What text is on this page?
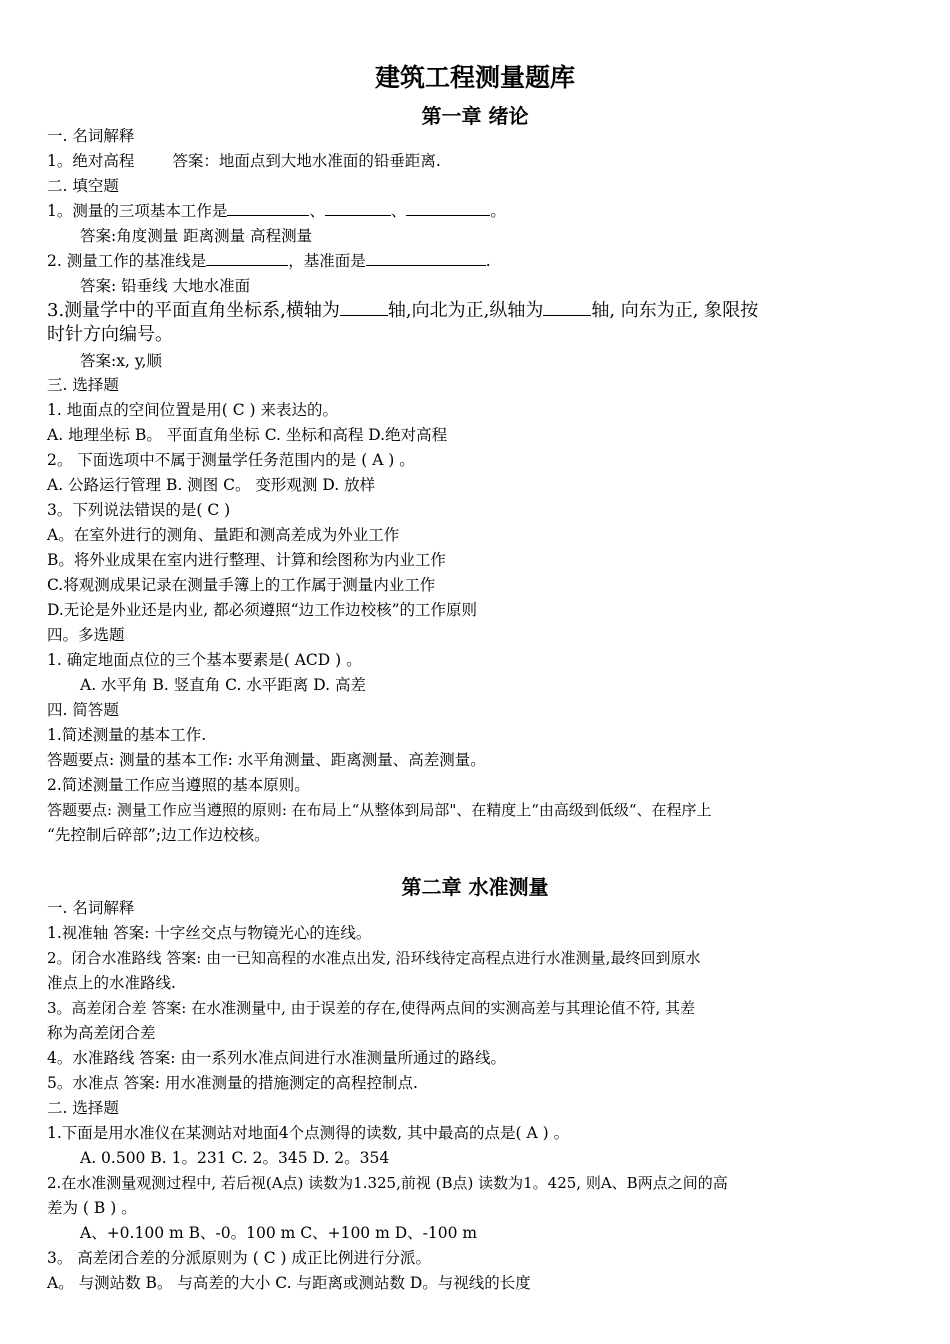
建筑工程测量题库
第一章 绪论
一. 名词解释
1。绝对高程 答案：地面点到大地水准面的铅垂距离.
二. 填空题
1。测量的三项基本工作是	、	、	。
答案:角度测量 距离测量 高程测量
2. 测量工作的基准线是	，基准面是	.
答案: 铅垂线 大地水准面
3.测量学中的平面直角坐标系,横轴为	轴,向北为正,纵轴为	轴, 向东为正, 象限按
时针方向编号。
答案:x, y,顺
三. 选择题
1. 地面点的空间位置是用( C ) 来表达的。
A. 地理坐标 B。 平面直角坐标 C. 坐标和高程 D.绝对高程
2。 下面选项中不属于测量学任务范围内的是 ( A ) 。
A. 公路运行管理 B. 测图 C。 变形观测 D. 放样
3。下列说法错误的是( C )
A。在室外进行的测角、量距和测高差成为外业工作
B。将外业成果在室内进行整理、计算和绘图称为内业工作
C.将观测成果记录在测量手簿上的工作属于测量内业工作
D.无论是外业还是内业, 都必须遵照“边工作边校核”的工作原则
四。多选题
1. 确定地面点位的三个基本要素是( ACD ) 。
A. 水平角 B. 竖直角 C. 水平距离 D. 高差
四. 简答题
1.简述测量的基本工作.
答题要点: 测量的基本工作: 水平角测量、距离测量、高差测量。
2.简述测量工作应当遵照的基本原则。
答题要点: 测量工作应当遵照的原则: 在布局上“从整体到局部"、在精度上“由高级到低级“、在程序上
“先控制后碎部”;边工作边校核。
第二章 水准测量
一. 名词解释
1.视准轴 答案: 十字丝交点与物镜光心的连线。
2。闭合水准路线 答案: 由一已知高程的水准点出发, 沿环线待定高程点进行水准测量,最终回到原水
准点上的水准路线.
3。高差闭合差 答案: 在水准测量中, 由于误差的存在,使得两点间的实测高差与其理论值不符, 其差
称为高差闭合差
4。水准路线 答案: 由一系列水准点间进行水准测量所通过的路线。
5。水准点 答案: 用水准测量的措施测定的高程控制点.
二. 选择题
1.下面是用水准仪在某测站对地面4个点测得的读数, 其中最高的点是( A ) 。
A. 0.500 B. 1。231 C. 2。345 D. 2。354
2.在水准测量观测过程中, 若后视(A点) 读数为1.325,前视 (B点) 读数为1。425, 则A、B两点之间的高
差为 ( B ) 。
A、+0.100 m B、-0。100 m C、+100 m D、-100 m
3。 高差闭合差的分派原则为 ( C ) 成正比例进行分派。
A。 与测站数 B。 与高差的大小 C. 与距离或测站数 D。与视线的长度
